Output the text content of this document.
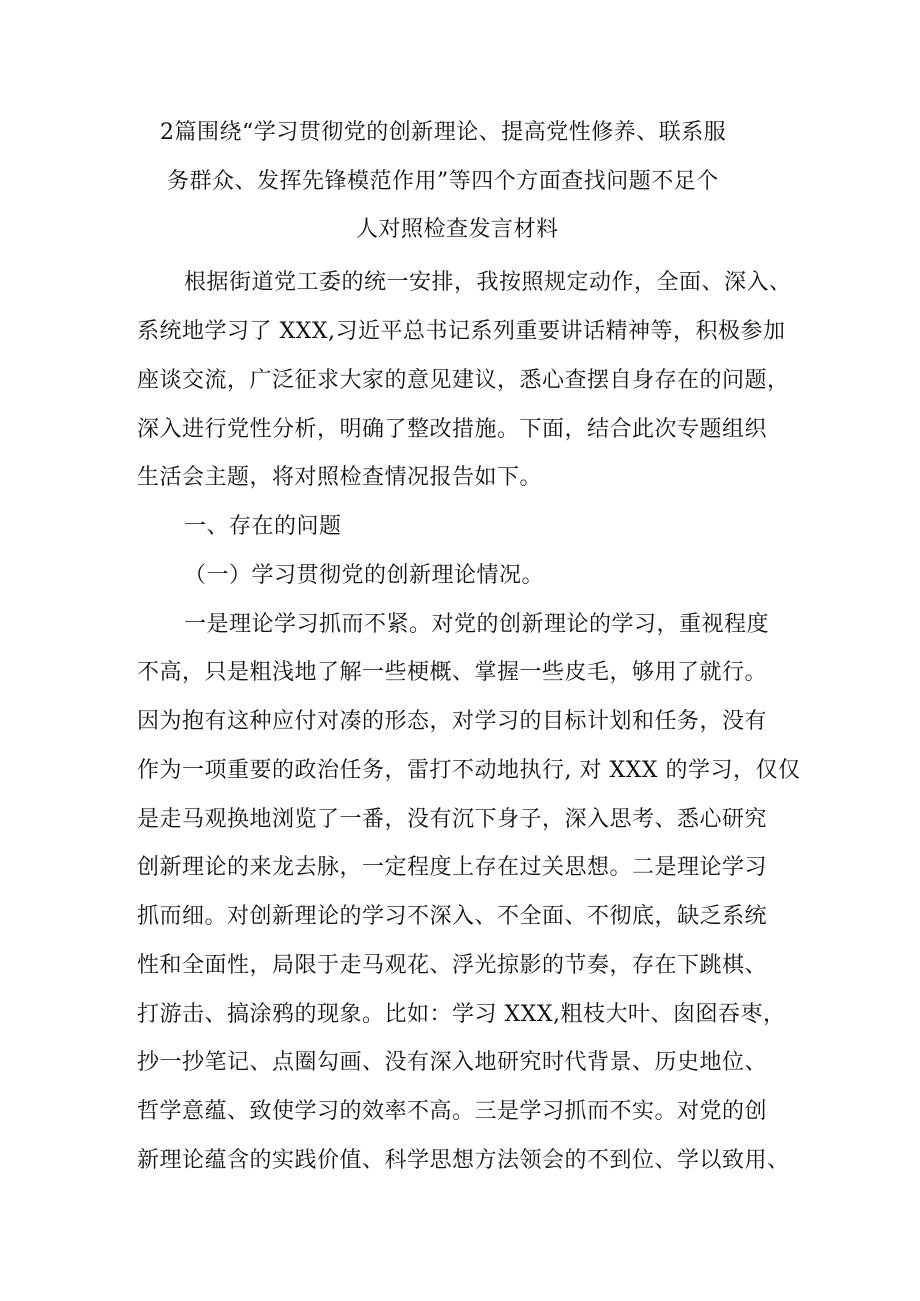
2篇围绕“学习贯彻党的创新理论、提高党性修养、联系服
务群众、发挥先锋模范作用”等四个方面查找问题不足个
人对照检查发言材料
根据街道党工委的统一安排，我按照规定动作，全面、深入、
系统地学习了 XXX,习近平总书记系列重要讲话精神等，积极参加
座谈交流，广泛征求大家的意见建议，悉心查摆自身存在的问题，
深入进行党性分析，明确了整改措施。下面，结合此次专题组织
生活会主题，将对照检查情况报告如下。
一、存在的问题
（一）学习贯彻党的创新理论情况。
一是理论学习抓而不紧。对党的创新理论的学习，重视程度
不高，只是粗浅地了解一些梗概、掌握一些皮毛，够用了就行。
因为抱有这种应付对凑的形态，对学习的目标计划和任务，没有
作为一项重要的政治任务，雷打不动地执行, 对 XXX 的学习，仅仅
是走马观换地浏览了一番，没有沉下身子，深入思考、悉心研究
创新理论的来龙去脉，一定程度上存在过关思想。二是理论学习
抓而细。对创新理论的学习不深入、不全面、不彻底，缺乏系统
性和全面性，局限于走马观花、浮光掠影的节奏，存在下跳棋、
打游击、搞涂鸦的现象。比如：学习 XXX,粗枝大叶、囱囵吞枣，
抄一抄笔记、点圈勾画、没有深入地研究时代背景、历史地位、
哲学意蕴、致使学习的效率不高。三是学习抓而不实。对党的创
新理论蕴含的实践价值、科学思想方法领会的不到位、学以致用、
